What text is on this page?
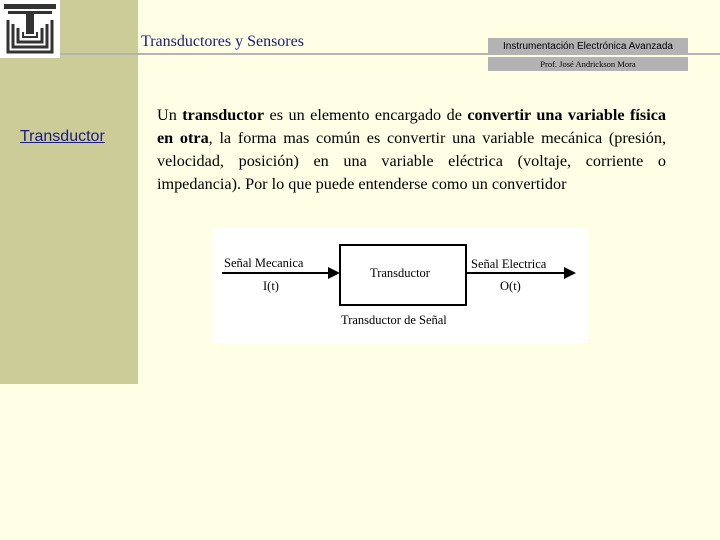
Transductores y Sensores	Instrumentación Electrónica Avanzada
Prof. José Andrickson Mora
Transductor
Un transductor es un elemento encargado de convertir una variable física en otra, la forma mas común es convertir una variable mecánica (presión, velocidad, posición) en una variable eléctrica (voltaje, corriente o impedancia). Por lo que puede entenderse como un convertidor
Señal Mecanica
I(t)
Transductor
Señal Electrica
O(t)
Transductor de Señal
